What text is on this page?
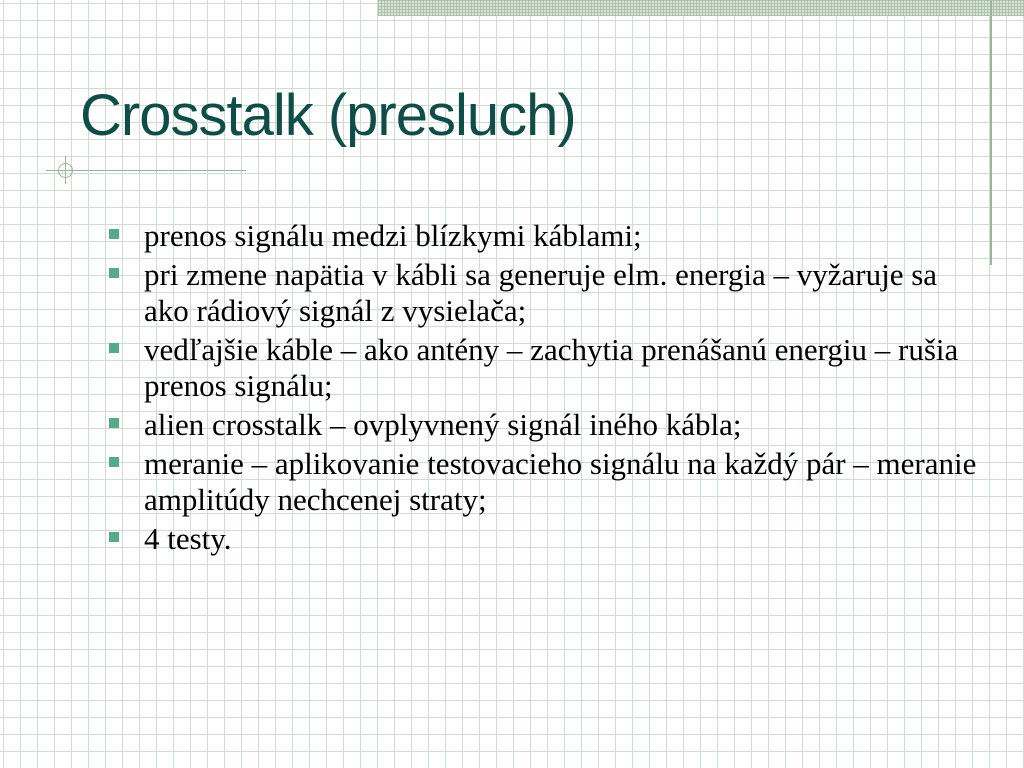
Crosstalk (presluch)
prenos signálu medzi blízkymi káblami;
pri zmene napätia v kábli sa generuje elm. energia – vyžaruje sa ako rádiový signál z vysielača;
vedľajšie káble – ako antény – zachytia prenášanú energiu – rušia prenos signálu;
alien crosstalk – ovplyvnený signál iného kábla;
meranie – aplikovanie testovacieho signálu na každý pár – meranie amplitúdy nechcenej straty;
4 testy.
